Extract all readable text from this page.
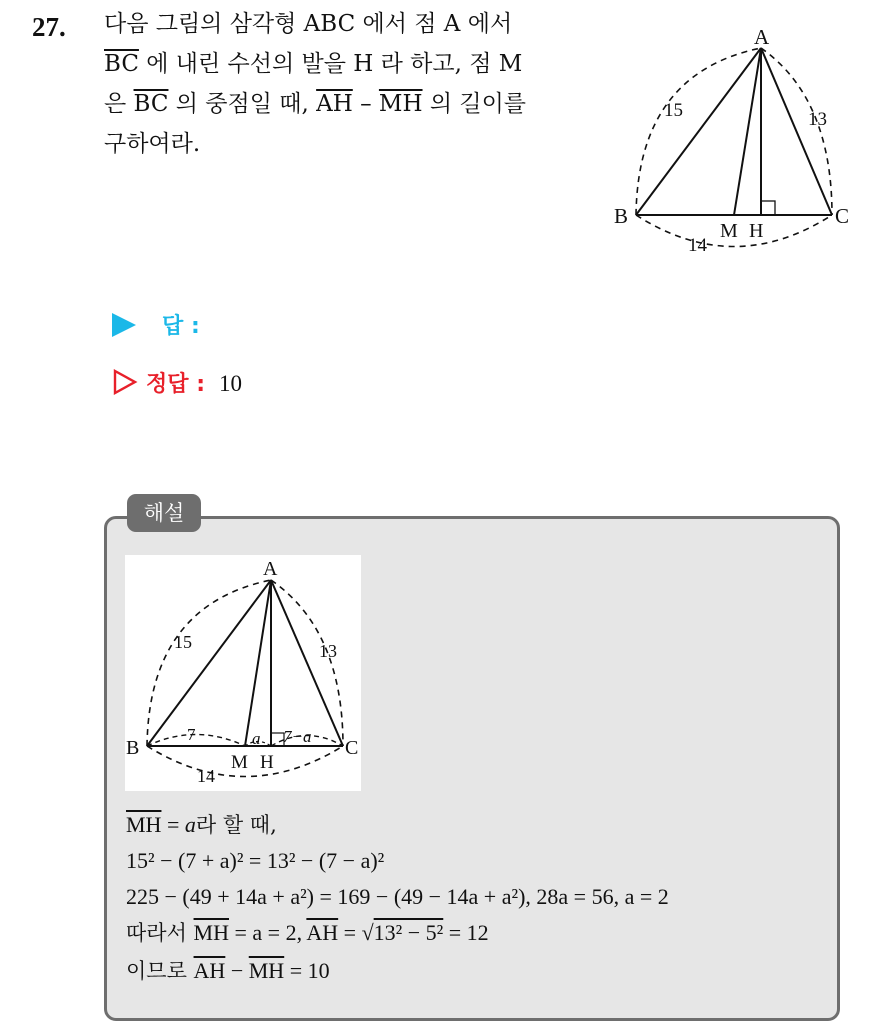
27. 다음 그림의 삼각형 ABC 에서 점 A 에서
$\overline{BC}$ 에 내린 수선의 발을 H 라 하고, 점 M
은 $\overline{BC}$ 의 중점일 때, $\overline{AH} - \overline{MH}$ 의 길이를
구하여라.
A
B	C
M H
15	13
14
답 :
정답 : 10
해설
A
B	C
M H
15	13
14
7	a 7−a
$\overline{MH} = a$라 할 때,
15² − (7 + a)² = 13² − (7 − a)²
225 − (49 + 14a + a²) = 169 − (49 − 14a + a²), 28a = 56, a = 2
따라서 $\overline{MH} = a = 2$, $\overline{AH} = √13^2 - 5^2 = 12$
이므로 $\overline{AH} - \overline{MH} = 10$
